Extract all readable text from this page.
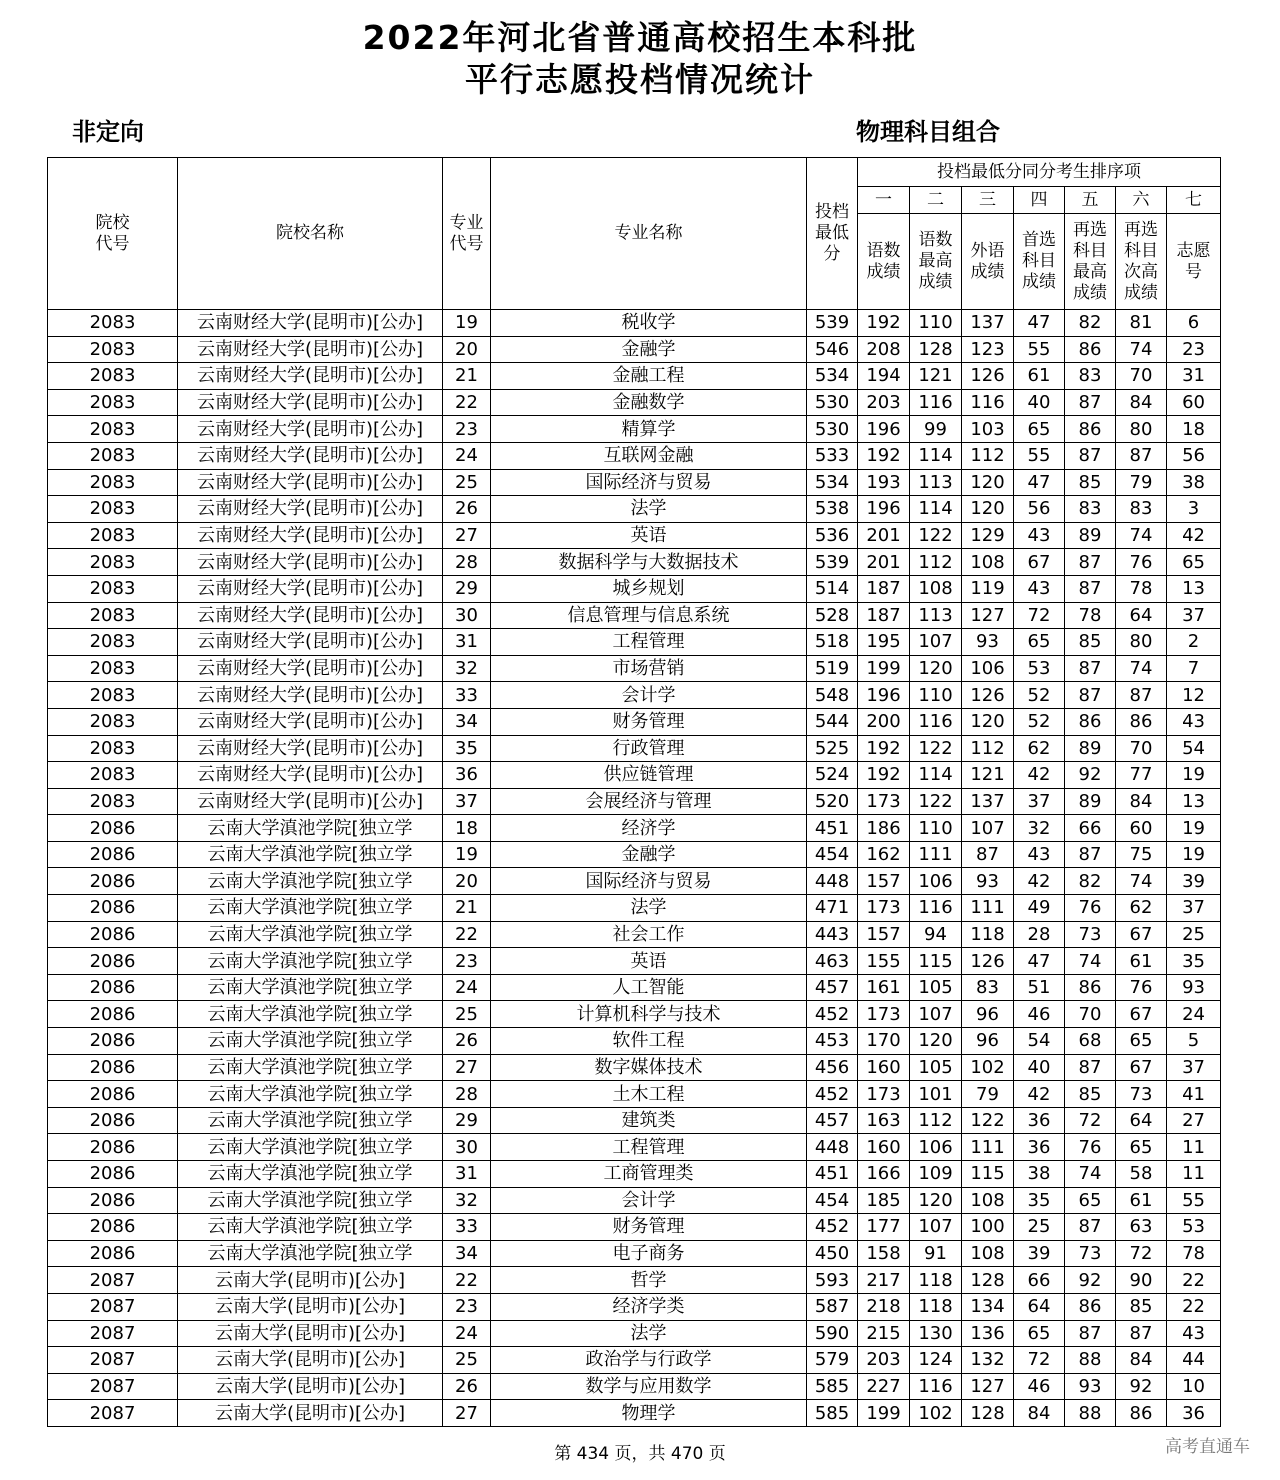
2022年河北省普通高校招生本科批
平行志愿投档情况统计
非定向	物理科目组合
院校代号	院校名称	专业代号	专业名称	投档最低分	投档最低分同分考生排序项						
					一	二	三	四	五	六	七
					语数成绩	语数最高成绩	外语成绩	首选科目成绩	再选科目最高成绩	再选科目次高成绩	志愿号
2083	云南财经大学(昆明市)[公办]	19	税收学	539	192	110	137	47	82	81	6
2083	云南财经大学(昆明市)[公办]	20	金融学	546	208	128	123	55	86	74	23
2083	云南财经大学(昆明市)[公办]	21	金融工程	534	194	121	126	61	83	70	31
2083	云南财经大学(昆明市)[公办]	22	金融数学	530	203	116	116	40	87	84	60
2083	云南财经大学(昆明市)[公办]	23	精算学	530	196	99	103	65	86	80	18
2083	云南财经大学(昆明市)[公办]	24	互联网金融	533	192	114	112	55	87	87	56
2083	云南财经大学(昆明市)[公办]	25	国际经济与贸易	534	193	113	120	47	85	79	38
2083	云南财经大学(昆明市)[公办]	26	法学	538	196	114	120	56	83	83	3
2083	云南财经大学(昆明市)[公办]	27	英语	536	201	122	129	43	89	74	42
2083	云南财经大学(昆明市)[公办]	28	数据科学与大数据技术	539	201	112	108	67	87	76	65
2083	云南财经大学(昆明市)[公办]	29	城乡规划	514	187	108	119	43	87	78	13
2083	云南财经大学(昆明市)[公办]	30	信息管理与信息系统	528	187	113	127	72	78	64	37
2083	云南财经大学(昆明市)[公办]	31	工程管理	518	195	107	93	65	85	80	2
2083	云南财经大学(昆明市)[公办]	32	市场营销	519	199	120	106	53	87	74	7
2083	云南财经大学(昆明市)[公办]	33	会计学	548	196	110	126	52	87	87	12
2083	云南财经大学(昆明市)[公办]	34	财务管理	544	200	116	120	52	86	86	43
2083	云南财经大学(昆明市)[公办]	35	行政管理	525	192	122	112	62	89	70	54
2083	云南财经大学(昆明市)[公办]	36	供应链管理	524	192	114	121	42	92	77	19
2083	云南财经大学(昆明市)[公办]	37	会展经济与管理	520	173	122	137	37	89	84	13
2086	云南大学滇池学院[独立学	18	经济学	451	186	110	107	32	66	60	19
2086	云南大学滇池学院[独立学	19	金融学	454	162	111	87	43	87	75	19
2086	云南大学滇池学院[独立学	20	国际经济与贸易	448	157	106	93	42	82	74	39
2086	云南大学滇池学院[独立学	21	法学	471	173	116	111	49	76	62	37
2086	云南大学滇池学院[独立学	22	社会工作	443	157	94	118	28	73	67	25
2086	云南大学滇池学院[独立学	23	英语	463	155	115	126	47	74	61	35
2086	云南大学滇池学院[独立学	24	人工智能	457	161	105	83	51	86	76	93
2086	云南大学滇池学院[独立学	25	计算机科学与技术	452	173	107	96	46	70	67	24
2086	云南大学滇池学院[独立学	26	软件工程	453	170	120	96	54	68	65	5
2086	云南大学滇池学院[独立学	27	数字媒体技术	456	160	105	102	40	87	67	37
2086	云南大学滇池学院[独立学	28	土木工程	452	173	101	79	42	85	73	41
2086	云南大学滇池学院[独立学	29	建筑类	457	163	112	122	36	72	64	27
2086	云南大学滇池学院[独立学	30	工程管理	448	160	106	111	36	76	65	11
2086	云南大学滇池学院[独立学	31	工商管理类	451	166	109	115	38	74	58	11
2086	云南大学滇池学院[独立学	32	会计学	454	185	120	108	35	65	61	55
2086	云南大学滇池学院[独立学	33	财务管理	452	177	107	100	25	87	63	53
2086	云南大学滇池学院[独立学	34	电子商务	450	158	91	108	39	73	72	78
2087	云南大学(昆明市)[公办]	22	哲学	593	217	118	128	66	92	90	22
2087	云南大学(昆明市)[公办]	23	经济学类	587	218	118	134	64	86	85	22
2087	云南大学(昆明市)[公办]	24	法学	590	215	130	136	65	87	87	43
2087	云南大学(昆明市)[公办]	25	政治学与行政学	579	203	124	132	72	88	84	44
2087	云南大学(昆明市)[公办]	26	数学与应用数学	585	227	116	127	46	93	92	10
2087	云南大学(昆明市)[公办]	27	物理学	585	199	102	128	84	88	86	36
第 434 页，共 470 页	高考直通车
